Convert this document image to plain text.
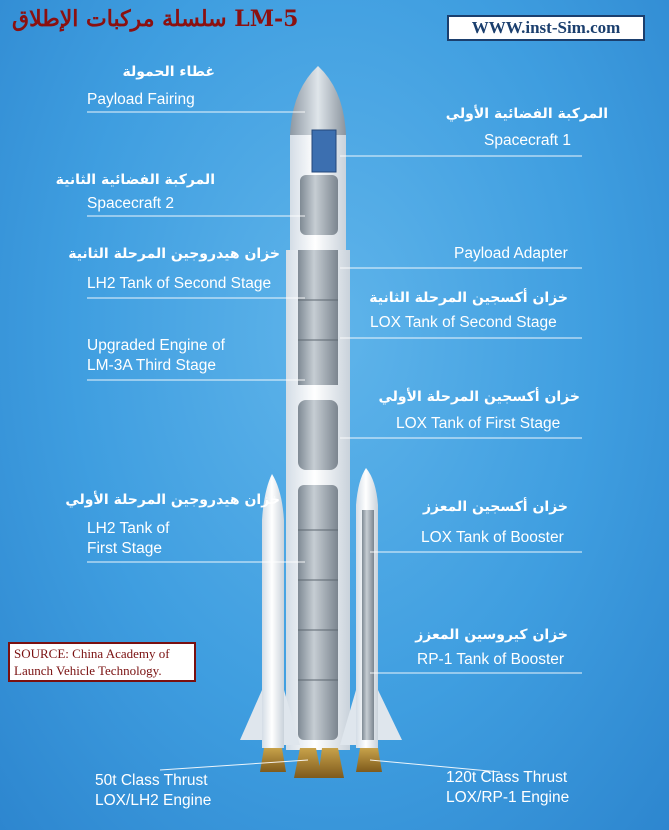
سلسلة مركبات الإطلاق LM-5	WWW.inst-Sim.com
غطاء الحمولة
Payload Fairing
المركبة الفضائية الثانية
Spacecraft 2
خزان هيدروجين المرحلة الثانية
LH2 Tank of Second Stage
Upgraded Engine of
LM-3A Third Stage
خزان هيدروجين المرحلة الأولي
LH2 Tank of
First Stage
50t Class Thrust
LOX/LH2 Engine
المركبة الفضائية الأولي
Spacecraft 1
Payload Adapter
خزان أكسجين المرحلة الثانية
LOX Tank of Second Stage
خزان أكسجين المرحلة الأولي
LOX Tank of First Stage
خزان أكسجين المعزز
LOX Tank of Booster
خزان كيروسين المعزز
RP-1 Tank of Booster
120t Class Thrust
LOX/RP-1 Engine
SOURCE: China Academy of
Launch Vehicle Technology.
